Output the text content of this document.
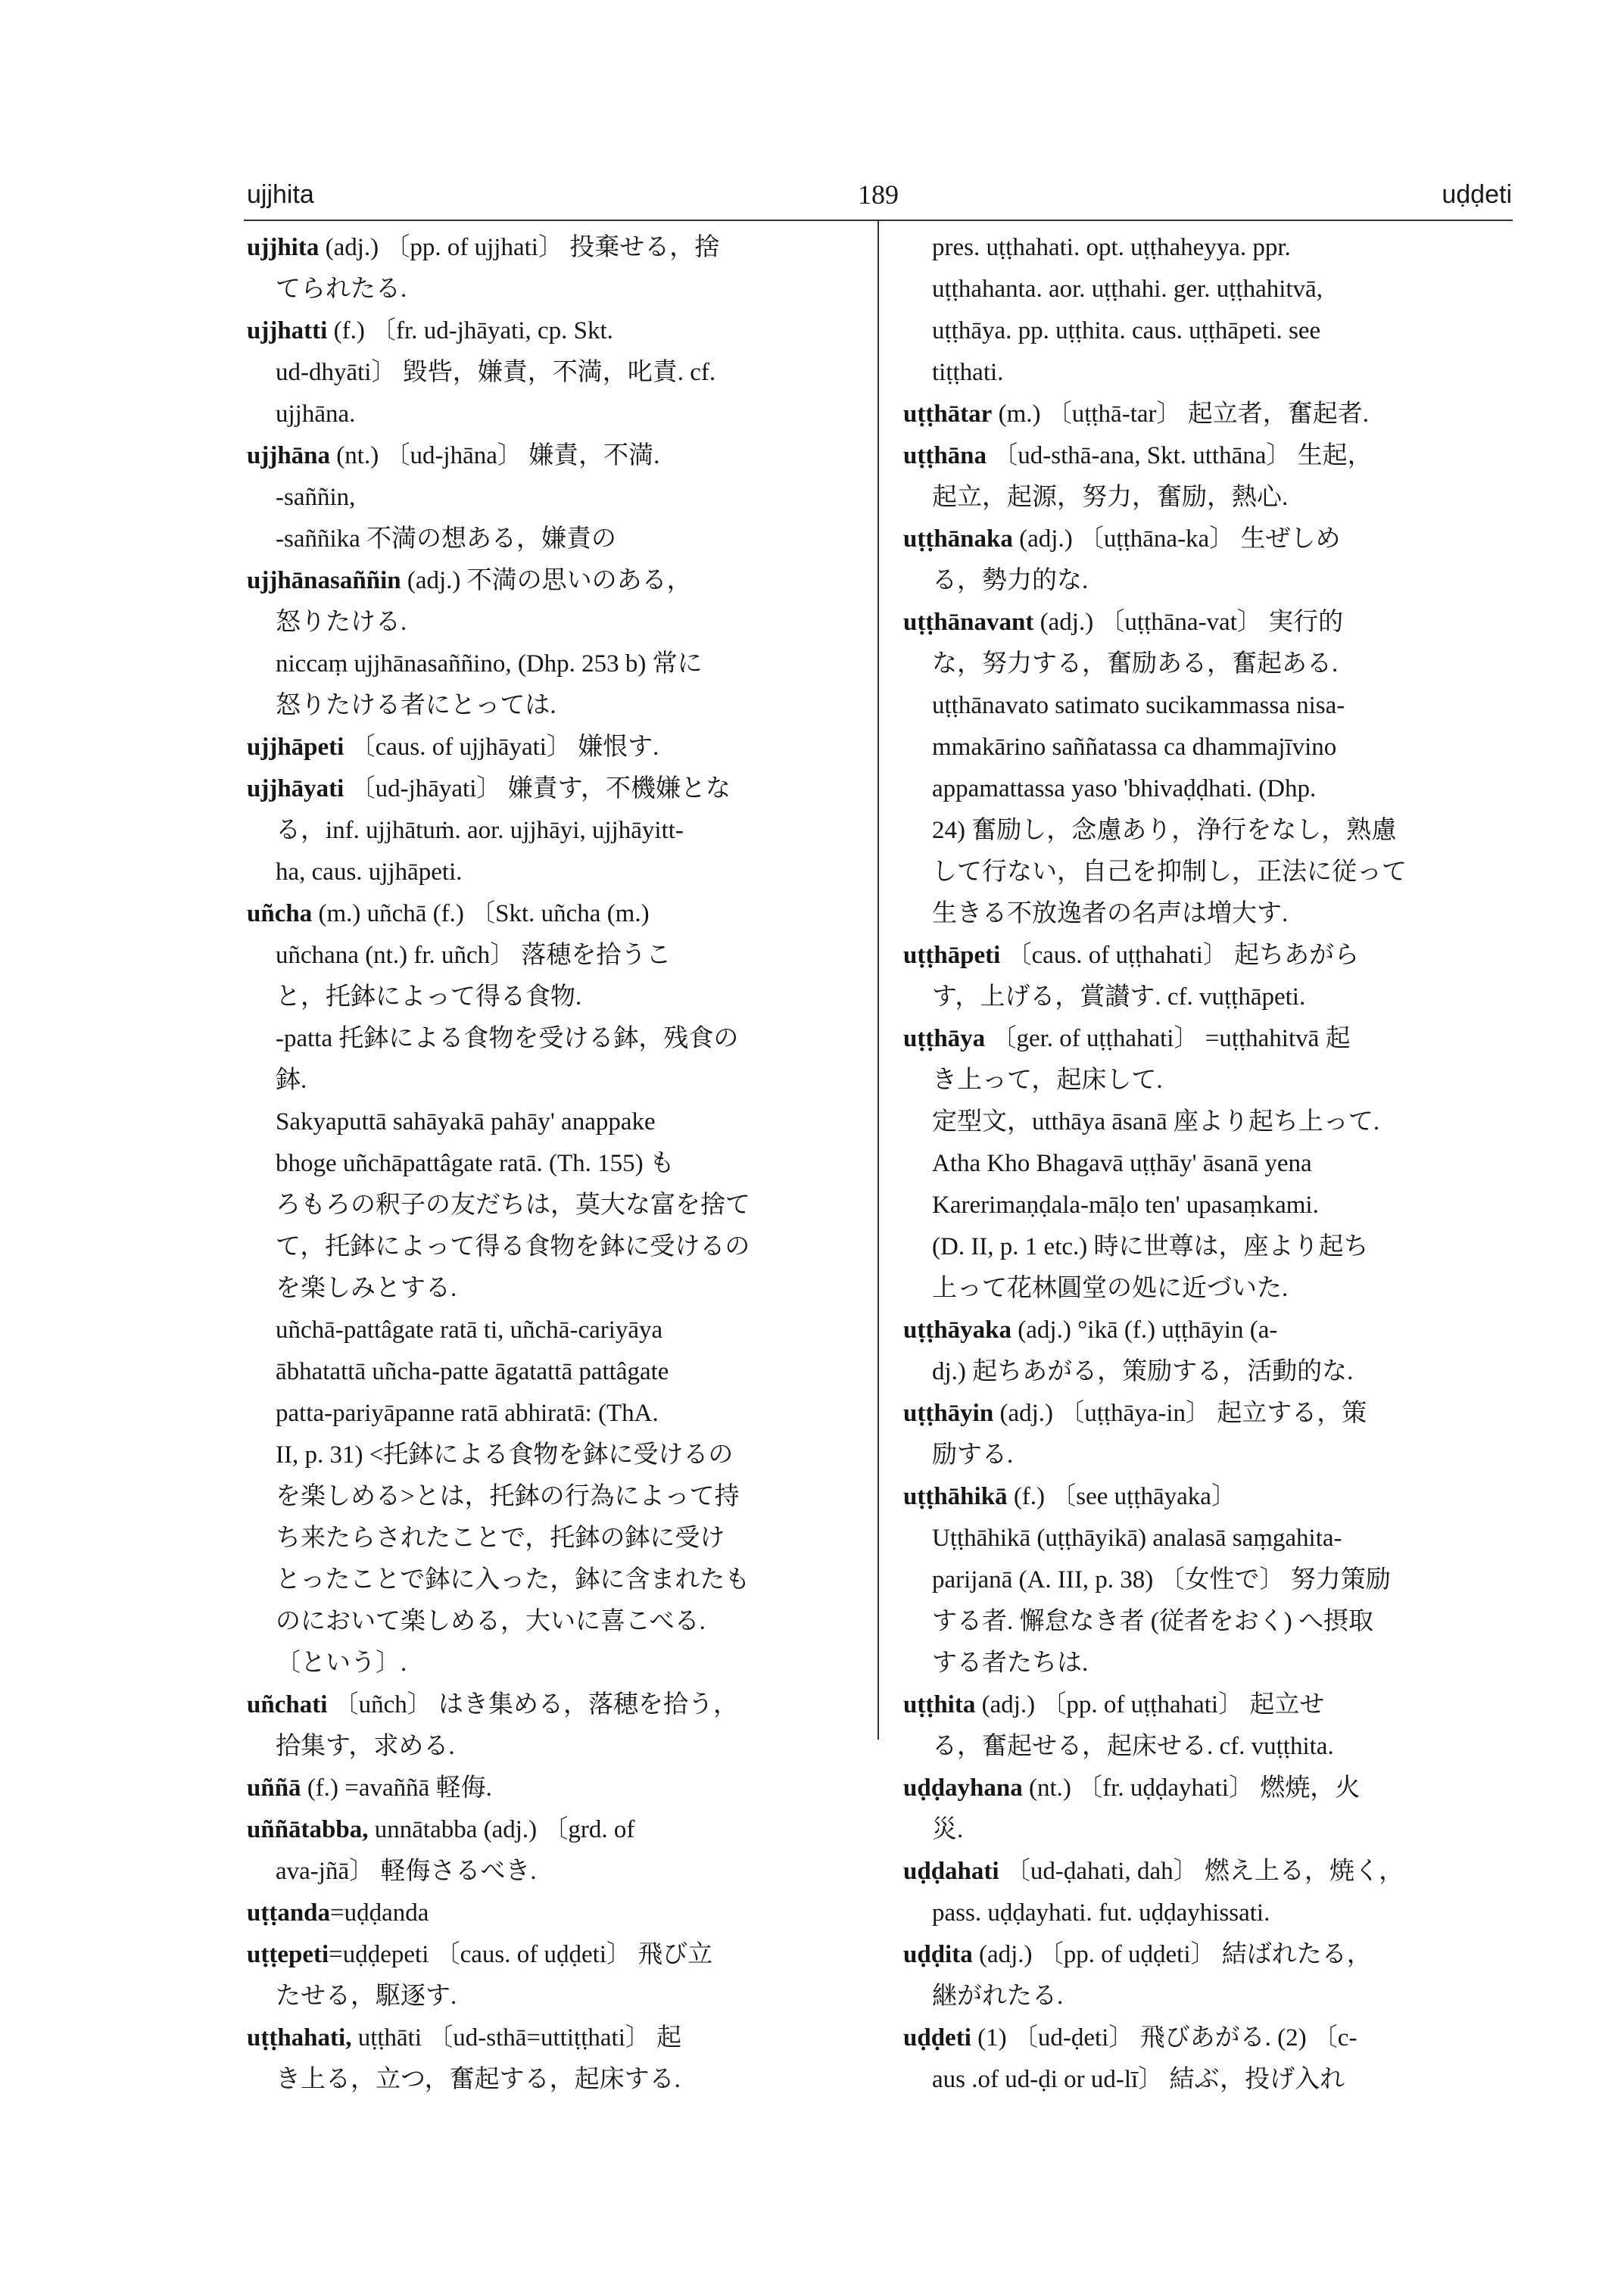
ujjhita	189	uḍḍeti
ujjhita (adj.) 〔pp. of ujjhati〕 投棄せる，捨
てられたる.
ujjhatti (f.) 〔fr. ud-jhāyati, cp. Skt.
ud-dhyāti〕 毀呰，嫌責，不満，叱責. cf.
ujjhāna.
ujjhāna (nt.) 〔ud-jhāna〕 嫌責，不満.
-saññin,
-saññika 不満の想ある，嫌責の
ujjhānasaññin (adj.) 不満の思いのある，
怒りたける.
niccaṃ ujjhānasaññino, (Dhp. 253 b) 常に
怒りたける者にとっては.
ujjhāpeti 〔caus. of ujjhāyati〕 嫌恨す.
ujjhāyati 〔ud-jhāyati〕 嫌責す，不機嫌とな
る，inf. ujjhātuṁ. aor. ujjhāyi, ujjhāyitt-
ha, caus. ujjhāpeti.
uñcha (m.) uñchā (f.) 〔Skt. uñcha (m.)
uñchana (nt.) fr. uñch〕 落穂を拾うこ
と，托鉢によって得る食物.
-patta 托鉢による食物を受ける鉢，残食の
鉢.
Sakyaputtā sahāyakā pahāy' anappake
bhoge uñchāpattâgate ratā. (Th. 155) も
ろもろの釈子の友だちは，莫大な富を捨て
て，托鉢によって得る食物を鉢に受けるの
を楽しみとする.
uñchā-pattâgate ratā ti, uñchā-cariyāya
ābhatattā uñcha-patte āgatattā pattâgate
patta-pariyāpanne ratā abhiratā: (ThA.
II, p. 31) <托鉢による食物を鉢に受けるの
を楽しめる>とは，托鉢の行為によって持
ち来たらされたことで，托鉢の鉢に受け
とったことで鉢に入った，鉢に含まれたも
のにおいて楽しめる，大いに喜こべる.
〔という〕.
uñchati 〔uñch〕 はき集める，落穂を拾う，
拾集す，求める.
uññā (f.) =avaññā 軽侮.
uññātabba, unnātabba (adj.) 〔grd. of
ava-jñā〕 軽侮さるべき.
uṭṭanda=uḍḍanda
uṭṭepeti=uḍḍepeti 〔caus. of uḍḍeti〕 飛び立
たせる，駆逐す.
uṭṭhahati, uṭṭhāti 〔ud-sthā=uttiṭṭhati〕 起
き上る，立つ，奮起する，起床する.
pres. uṭṭhahati. opt. uṭṭhaheyya. ppr.
uṭṭhahanta. aor. uṭṭhahi. ger. uṭṭhahitvā,
uṭṭhāya. pp. uṭṭhita. caus. uṭṭhāpeti. see
tiṭṭhati.
uṭṭhātar (m.) 〔uṭṭhā-tar〕 起立者，奮起者.
uṭṭhāna 〔ud-sthā-ana, Skt. utthāna〕 生起，
起立，起源，努力，奮励，熱心.
uṭṭhānaka (adj.) 〔uṭṭhāna-ka〕 生ぜしめ
る，勢力的な.
uṭṭhānavant (adj.) 〔uṭṭhāna-vat〕 実行的
な，努力する，奮励ある，奮起ある.
uṭṭhānavato satimato sucikammassa nisa-
mmakārino saññatassa ca dhammajīvino
appamattassa yaso 'bhivaḍḍhati. (Dhp.
24) 奮励し，念慮あり，浄行をなし，熟慮
して行ない，自己を抑制し，正法に従って
生きる不放逸者の名声は増大す.
uṭṭhāpeti 〔caus. of uṭṭhahati〕 起ちあがら
す，上げる，賞讃す. cf. vuṭṭhāpeti.
uṭṭhāya 〔ger. of uṭṭhahati〕 =uṭṭhahitvā 起
き上って，起床して.
定型文，utthāya āsanā 座より起ち上って.
Atha Kho Bhagavā uṭṭhāy' āsanā yena
Karerimaṇḍala-māḷo ten' upasaṃkami.
(D. II, p. 1 etc.) 時に世尊は，座より起ち
上って花林圓堂の処に近づいた.
uṭṭhāyaka (adj.) °ikā (f.) uṭṭhāyin (a-
dj.) 起ちあがる，策励する，活動的な.
uṭṭhāyin (adj.) 〔uṭṭhāya-in〕 起立する，策
励する.
uṭṭhāhikā (f.) 〔see uṭṭhāyaka〕
Uṭṭhāhikā (uṭṭhāyikā) analasā saṃgahita-
parijanā (A. III, p. 38) 〔女性で〕 努力策励
する者. 懈怠なき者 (従者をおく) へ摂取
する者たちは.
uṭṭhita (adj.) 〔pp. of uṭṭhahati〕 起立せ
る，奮起せる，起床せる. cf. vuṭṭhita.
uḍḍayhana (nt.) 〔fr. uḍḍayhati〕 燃焼，火
災.
uḍḍahati 〔ud-ḍahati, dah〕 燃え上る，焼く，
pass. uḍḍayhati. fut. uḍḍayhissati.
uḍḍita (adj.) 〔pp. of uḍḍeti〕 結ばれたる，
継がれたる.
uḍḍeti (1) 〔ud-ḍeti〕 飛びあがる. (2) 〔c-
aus .of ud-ḍi or ud-lī〕 結ぶ，投げ入れ
